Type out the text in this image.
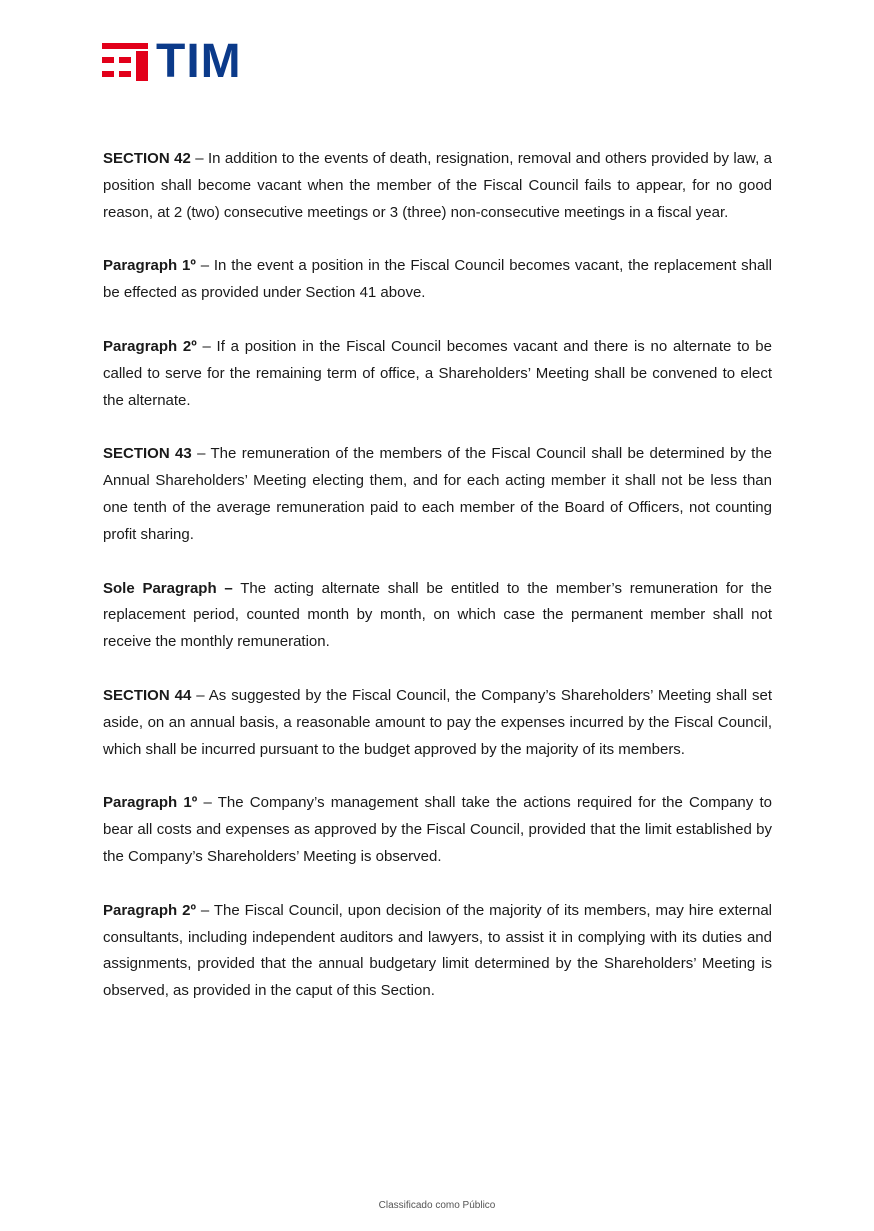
TIM

SECTION 42 – In addition to the events of death, resignation, removal and others provided by law, a position shall become vacant when the member of the Fiscal Council fails to appear, for no good reason, at 2 (two) consecutive meetings or 3 (three) non-consecutive meetings in a fiscal year.

Paragraph 1º – In the event a position in the Fiscal Council becomes vacant, the replacement shall be effected as provided under Section 41 above.

Paragraph 2º – If a position in the Fiscal Council becomes vacant and there is no alternate to be called to serve for the remaining term of office, a Shareholders’ Meeting shall be convened to elect the alternate.

SECTION 43 – The remuneration of the members of the Fiscal Council shall be determined by the Annual Shareholders’ Meeting electing them, and for each acting member it shall not be less than one tenth of the average remuneration paid to each member of the Board of Officers, not counting profit sharing.

Sole Paragraph – The acting alternate shall be entitled to the member’s remuneration for the replacement period, counted month by month, on which case the permanent member shall not receive the monthly remuneration.

SECTION 44 – As suggested by the Fiscal Council, the Company’s Shareholders’ Meeting shall set aside, on an annual basis, a reasonable amount to pay the expenses incurred by the Fiscal Council, which shall be incurred pursuant to the budget approved by the majority of its members.

Paragraph 1º – The Company’s management shall take the actions required for the Company to bear all costs and expenses as approved by the Fiscal Council, provided that the limit established by the Company’s Shareholders’ Meeting is observed.

Paragraph 2º – The Fiscal Council, upon decision of the majority of its members, may hire external consultants, including independent auditors and lawyers, to assist it in complying with its duties and assignments, provided that the annual budgetary limit determined by the Shareholders’ Meeting is observed, as provided in the caput of this Section.

Classificado como Público
